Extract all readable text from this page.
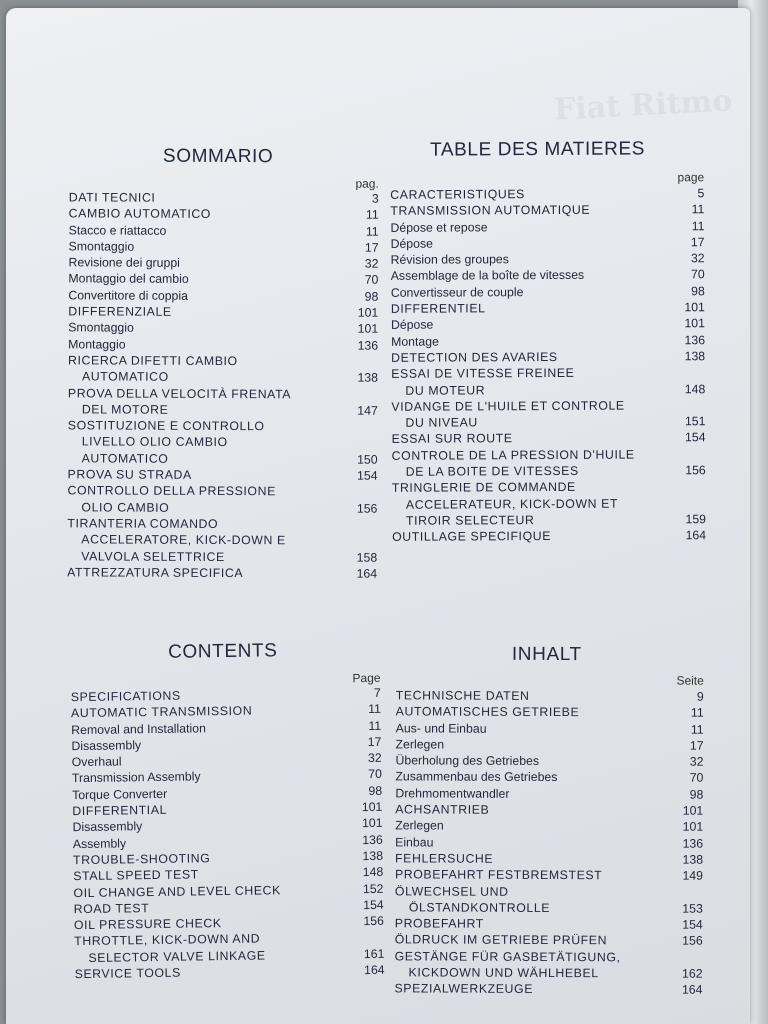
Fiat Ritmo
SOMMARIO
pag.
DATI TECNICI	3
CAMBIO AUTOMATICO	11
Stacco e riattacco	11
Smontaggio	17
Revisione dei gruppi	32
Montaggio del cambio	70
Convertitore di coppia	98
DIFFERENZIALE	101
Smontaggio	101
Montaggio	136
RICERCA DIFETTI CAMBIO
AUTOMATICO	138
PROVA DELLA VELOCITÀ FRENATA
DEL MOTORE	147
SOSTITUZIONE E CONTROLLO
LIVELLO OLIO CAMBIO
AUTOMATICO	150
PROVA SU STRADA	154
CONTROLLO DELLA PRESSIONE
OLIO CAMBIO	156
TIRANTERIA COMANDO
ACCELERATORE, KICK-DOWN E
VALVOLA SELETTRICE	158
ATTREZZATURA SPECIFICA	164
TABLE DES MATIERES
page
CARACTERISTIQUES	5
TRANSMISSION AUTOMATIQUE	11
Dépose et repose	11
Dépose	17
Révision des groupes	32
Assemblage de la boîte de vitesses	70
Convertisseur de couple	98
DIFFERENTIEL	101
Dépose	101
Montage	136
DETECTION DES AVARIES	138
ESSAI DE VITESSE FREINEE
DU MOTEUR	148
VIDANGE DE L'HUILE ET CONTROLE
DU NIVEAU	151
ESSAI SUR ROUTE	154
CONTROLE DE LA PRESSION D'HUILE
DE LA BOITE DE VITESSES	156
TRINGLERIE DE COMMANDE
ACCELERATEUR, KICK-DOWN ET
TIROIR SELECTEUR	159
OUTILLAGE SPECIFIQUE	164
CONTENTS
Page
SPECIFICATIONS	7
AUTOMATIC TRANSMISSION	11
Removal and Installation	11
Disassembly	17
Overhaul	32
Transmission Assembly	70
Torque Converter	98
DIFFERENTIAL	101
Disassembly	101
Assembly	136
TROUBLE-SHOOTING	138
STALL SPEED TEST	148
OIL CHANGE AND LEVEL CHECK	152
ROAD TEST	154
OIL PRESSURE CHECK	156
THROTTLE, KICK-DOWN AND
SELECTOR VALVE LINKAGE	161
SERVICE TOOLS	164
INHALT
Seite
TECHNISCHE DATEN	9
AUTOMATISCHES GETRIEBE	11
Aus- und Einbau	11
Zerlegen	17
Überholung des Getriebes	32
Zusammenbau des Getriebes	70
Drehmomentwandler	98
ACHSANTRIEB	101
Zerlegen	101
Einbau	136
FEHLERSUCHE	138
PROBEFAHRT FESTBREMSTEST	149
ÖLWECHSEL UND
ÖLSTANDKONTROLLE	153
PROBEFAHRT	154
ÖLDRUCK IM GETRIEBE PRÜFEN	156
GESTÄNGE FÜR GASBETÄTIGUNG,
KICKDOWN UND WÄHLHEBEL	162
SPEZIALWERKZEUGE	164
